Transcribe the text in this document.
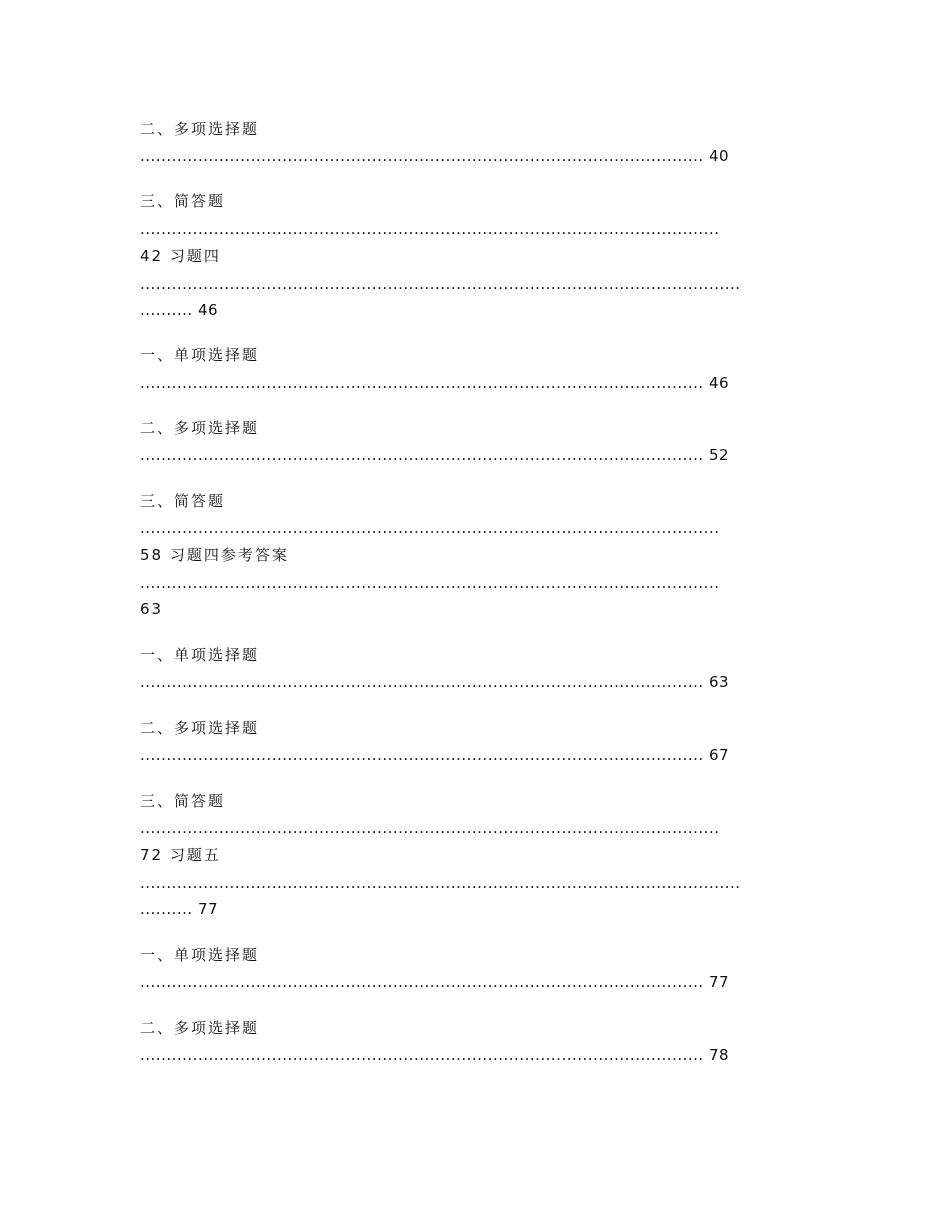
二、多项选择题

........................................................................................................... 40

三、简答题

..............................................................................................................

42 习题四

..................................................................................................................

.......... 46

一、单项选择题

........................................................................................................... 46

二、多项选择题

........................................................................................................... 52

三、简答题

..............................................................................................................

58 习题四参考答案

..............................................................................................................

63

一、单项选择题

........................................................................................................... 63

二、多项选择题

........................................................................................................... 67

三、简答题

..............................................................................................................

72 习题五

..................................................................................................................

.......... 77

一、单项选择题

........................................................................................................... 77

二、多项选择题

........................................................................................................... 78
